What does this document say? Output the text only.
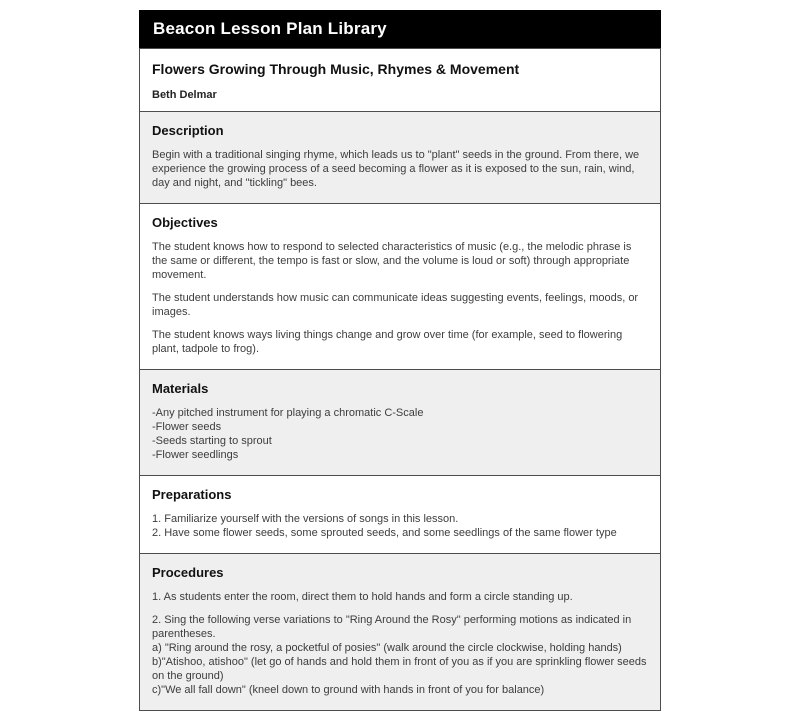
Beacon Lesson Plan Library
Flowers Growing Through Music, Rhymes & Movement
Beth Delmar
Description

Begin with a traditional singing rhyme, which leads us to "plant" seeds in the ground. From there, we experience the growing process of a seed becoming a flower as it is exposed to the sun, rain, wind, day and night, and "tickling" bees.

Objectives

The student knows how to respond to selected characteristics of music (e.g., the melodic phrase is the same or different, the tempo is fast or slow, and the volume is loud or soft) through appropriate movement.

The student understands how music can communicate ideas suggesting events, feelings, moods, or images.

The student knows ways living things change and grow over time (for example, seed to flowering plant, tadpole to frog).

Materials

-Any pitched instrument for playing a chromatic C-Scale

-Flower seeds

-Seeds starting to sprout

-Flower seedlings

Preparations

1. Familiarize yourself with the versions of songs in this lesson.

2. Have some flower seeds, some sprouted seeds, and some seedlings of the same flower type

Procedures

1. As students enter the room, direct them to hold hands and form a circle standing up.

2. Sing the following verse variations to "Ring Around the Rosy" performing motions as indicated in parentheses.

a) "Ring around the rosy, a pocketful of posies" (walk around the circle clockwise, holding hands)

b)"Atishoo, atishoo" (let go of hands and hold them in front of you as if you are sprinkling flower seeds on the ground)

c)"We all fall down" (kneel down to ground with hands in front of you for balance)
